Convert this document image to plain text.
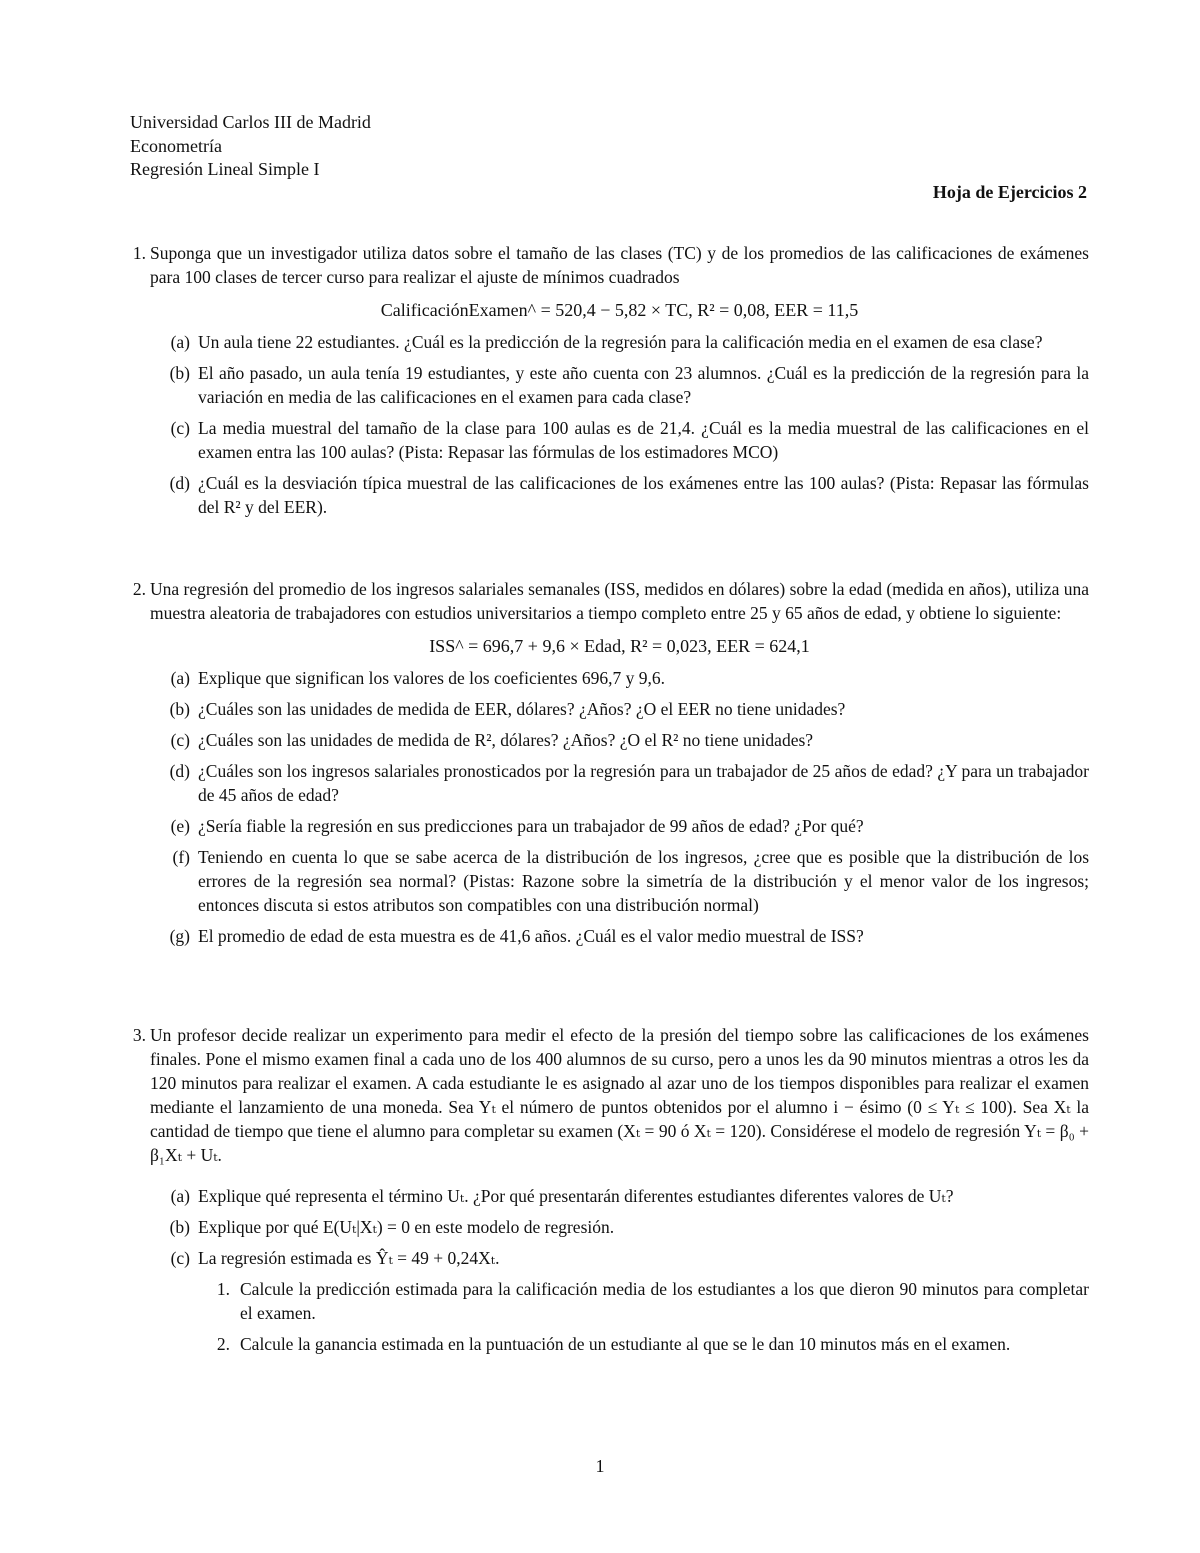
Universidad Carlos III de Madrid
Econometría
Regresión Lineal Simple I
Hoja de Ejercicios 2
1. Suponga que un investigador utiliza datos sobre el tamaño de las clases (TC) y de los promedios de las calificaciones de exámenes para 100 clases de tercer curso para realizar el ajuste de mínimos cuadrados
CalificaciónExamen^ = 520,4 − 5,82 × TC, R² = 0,08, EER = 11,5
(a) Un aula tiene 22 estudiantes. ¿Cuál es la predicción de la regresión para la calificación media en el examen de esa clase?
(b) El año pasado, un aula tenía 19 estudiantes, y este año cuenta con 23 alumnos. ¿Cuál es la predicción de la regresión para la variación en media de las calificaciones en el examen para cada clase?
(c) La media muestral del tamaño de la clase para 100 aulas es de 21,4. ¿Cuál es la media muestral de las calificaciones en el examen entra las 100 aulas? (Pista: Repasar las fórmulas de los estimadores MCO)
(d) ¿Cuál es la desviación típica muestral de las calificaciones de los exámenes entre las 100 aulas? (Pista: Repasar las fórmulas del R² y del EER).
2. Una regresión del promedio de los ingresos salariales semanales (ISS, medidos en dólares) sobre la edad (medida en años), utiliza una muestra aleatoria de trabajadores con estudios universitarios a tiempo completo entre 25 y 65 años de edad, y obtiene lo siguiente:
ISS^ = 696,7 + 9,6 × Edad, R² = 0,023, EER = 624,1
(a) Explique que significan los valores de los coeficientes 696,7 y 9,6.
(b) ¿Cuáles son las unidades de medida de EER, dólares? ¿Años? ¿O el EER no tiene unidades?
(c) ¿Cuáles son las unidades de medida de R², dólares? ¿Años? ¿O el R² no tiene unidades?
(d) ¿Cuáles son los ingresos salariales pronosticados por la regresión para un trabajador de 25 años de edad? ¿Y para un trabajador de 45 años de edad?
(e) ¿Sería fiable la regresión en sus predicciones para un trabajador de 99 años de edad? ¿Por qué?
(f) Teniendo en cuenta lo que se sabe acerca de la distribución de los ingresos, ¿cree que es posible que la distribución de los errores de la regresión sea normal? (Pistas: Razone sobre la simetría de la distribución y el menor valor de los ingresos; entonces discuta si estos atributos son compatibles con una distribución normal)
(g) El promedio de edad de esta muestra es de 41,6 años. ¿Cuál es el valor medio muestral de ISS?
3. Un profesor decide realizar un experimento para medir el efecto de la presión del tiempo sobre las calificaciones de los exámenes finales. Pone el mismo examen final a cada uno de los 400 alumnos de su curso, pero a unos les da 90 minutos mientras a otros les da 120 minutos para realizar el examen. A cada estudiante le es asignado al azar uno de los tiempos disponibles para realizar el examen mediante el lanzamiento de una moneda. Sea Yₜ el número de puntos obtenidos por el alumno i − ésimo (0 ≤ Yₜ ≤ 100). Sea Xₜ la cantidad de tiempo que tiene el alumno para completar su examen (Xₜ = 90 ó Xₜ = 120). Considérese el modelo de regresión Yₜ = β₀ + β₁Xₜ + Uₜ.
(a) Explique qué representa el término Uₜ. ¿Por qué presentarán diferentes estudiantes diferentes valores de Uₜ?
(b) Explique por qué E(Uₜ|Xₜ) = 0 en este modelo de regresión.
(c) La regresión estimada es Ŷₜ = 49 + 0,24Xₜ.
1. Calcule la predicción estimada para la calificación media de los estudiantes a los que dieron 90 minutos para completar el examen.
2. Calcule la ganancia estimada en la puntuación de un estudiante al que se le dan 10 minutos más en el examen.
1
